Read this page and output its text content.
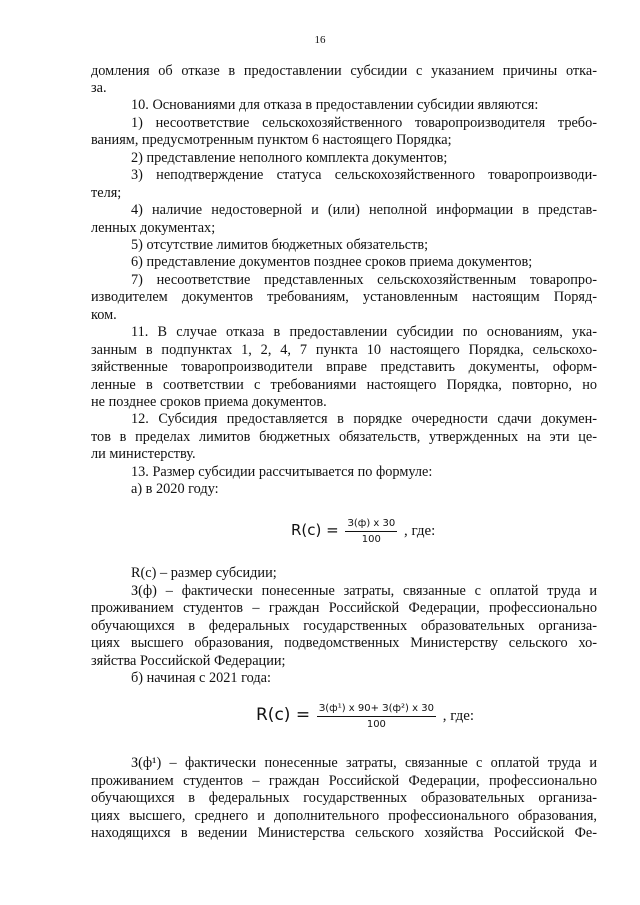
16
домления об отказе в предоставлении субсидии с указанием причины отка-
за.
10. Основаниями для отказа в предоставлении субсидии являются:
1) несоответствие сельскохозяйственного товаропроизводителя требо-
ваниям, предусмотренным пунктом 6 настоящего Порядка;
2) представление неполного комплекта документов;
3) неподтверждение статуса сельскохозяйственного товаропроизводи-
теля;
4) наличие недостоверной и (или) неполной информации в представ-
ленных документах;
5) отсутствие лимитов бюджетных обязательств;
6) представление документов позднее сроков приема документов;
7) несоответствие представленных сельскохозяйственным товаропро-
изводителем документов требованиям, установленным настоящим Поряд-
ком.
11. В случае отказа в предоставлении субсидии по основаниям, ука-
занным в подпунктах 1, 2, 4, 7 пункта 10 настоящего Порядка, сельскохо-
зяйственные товаропроизводители вправе представить документы, оформ-
ленные в соответствии с требованиями настоящего Порядка, повторно, но
не позднее сроков приема документов.
12. Субсидия предоставляется в порядке очередности сдачи докумен-
тов в пределах лимитов бюджетных обязательств, утвержденных на эти це-
ли министерству.
13. Размер субсидии рассчитывается по формуле:
а) в 2020 году:
R(с) – размер субсидии;
З(ф) – фактически понесенные затраты, связанные с оплатой труда и
проживанием студентов – граждан Российской Федерации, профессионально
обучающихся в федеральных государственных образовательных организа-
циях высшего образования, подведомственных Министерству сельского хо-
зяйства Российской Федерации;
б) начиная с 2021 года:
З(ф¹) – фактически понесенные затраты, связанные с оплатой труда и
проживанием студентов – граждан Российской Федерации, профессионально
обучающихся в федеральных государственных образовательных организа-
циях высшего, среднего и дополнительного профессионального образования,
находящихся в ведении Министерства сельского хозяйства Российской Фе-
$R(c) = \frac{З(ф) х 30}{100}$ , где:
$R(c) = \frac{\text{З(ф¹) х 90+ З(ф²) х 30}}{100}$ , где:
